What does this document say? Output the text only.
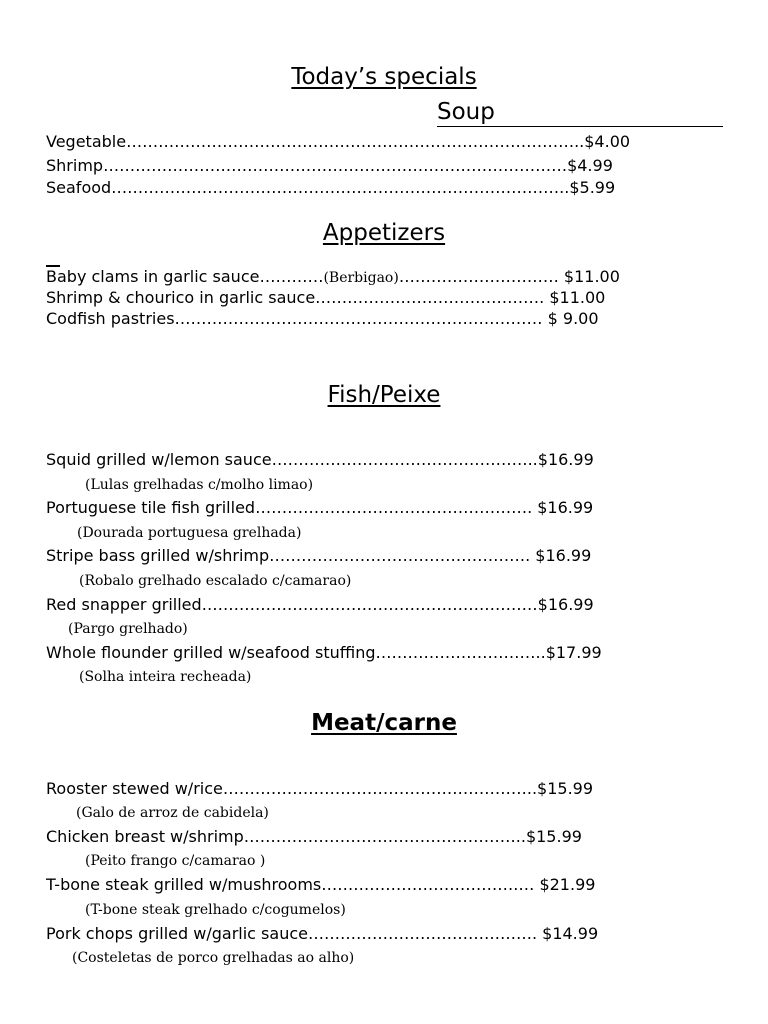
Today’s specials
Soup
Vegetable…………………………………………………………………………..$4.00
Shrimp……………………………………………………………………………$4.99
Seafood…………………………………………………………………………..$5.99
Appetizers
Baby clams in garlic sauce…………(Berbigao)………………………… $11.00
Shrimp & chourico in garlic sauce……………………………………. $11.00
Codfish pastries…………………………………………………………… $ 9.00
Fish/Peixe
Squid grilled w/lemon sauce…………………………………………..$16.99
(Lulas grelhadas c/molho limao)
Portuguese tile fish grilled……………………………………………. $16.99
(Dourada portuguesa grelhada)
Stripe bass grilled w/shrimp…………………………………………. $16.99
(Robalo grelhado escalado c/camarao)
Red snapper grilled………………………………………………………$16.99
(Pargo grelhado)
Whole flounder grilled w/seafood stuffing…………………………..$17.99
(Solha inteira recheada)
Meat/carne
Rooster stewed w/rice…………………………………………………..$15.99
(Galo de arroz de cabidela)
Chicken breast w/shrimp……………………………………………..$15.99
(Peito frango c/camarao )
T-bone steak grilled w/mushrooms……………………………….… $21.99
(T-bone steak grelhado c/cogumelos)
Pork chops grilled w/garlic sauce……………………………………. $14.99
(Costeletas de porco grelhadas ao alho)
